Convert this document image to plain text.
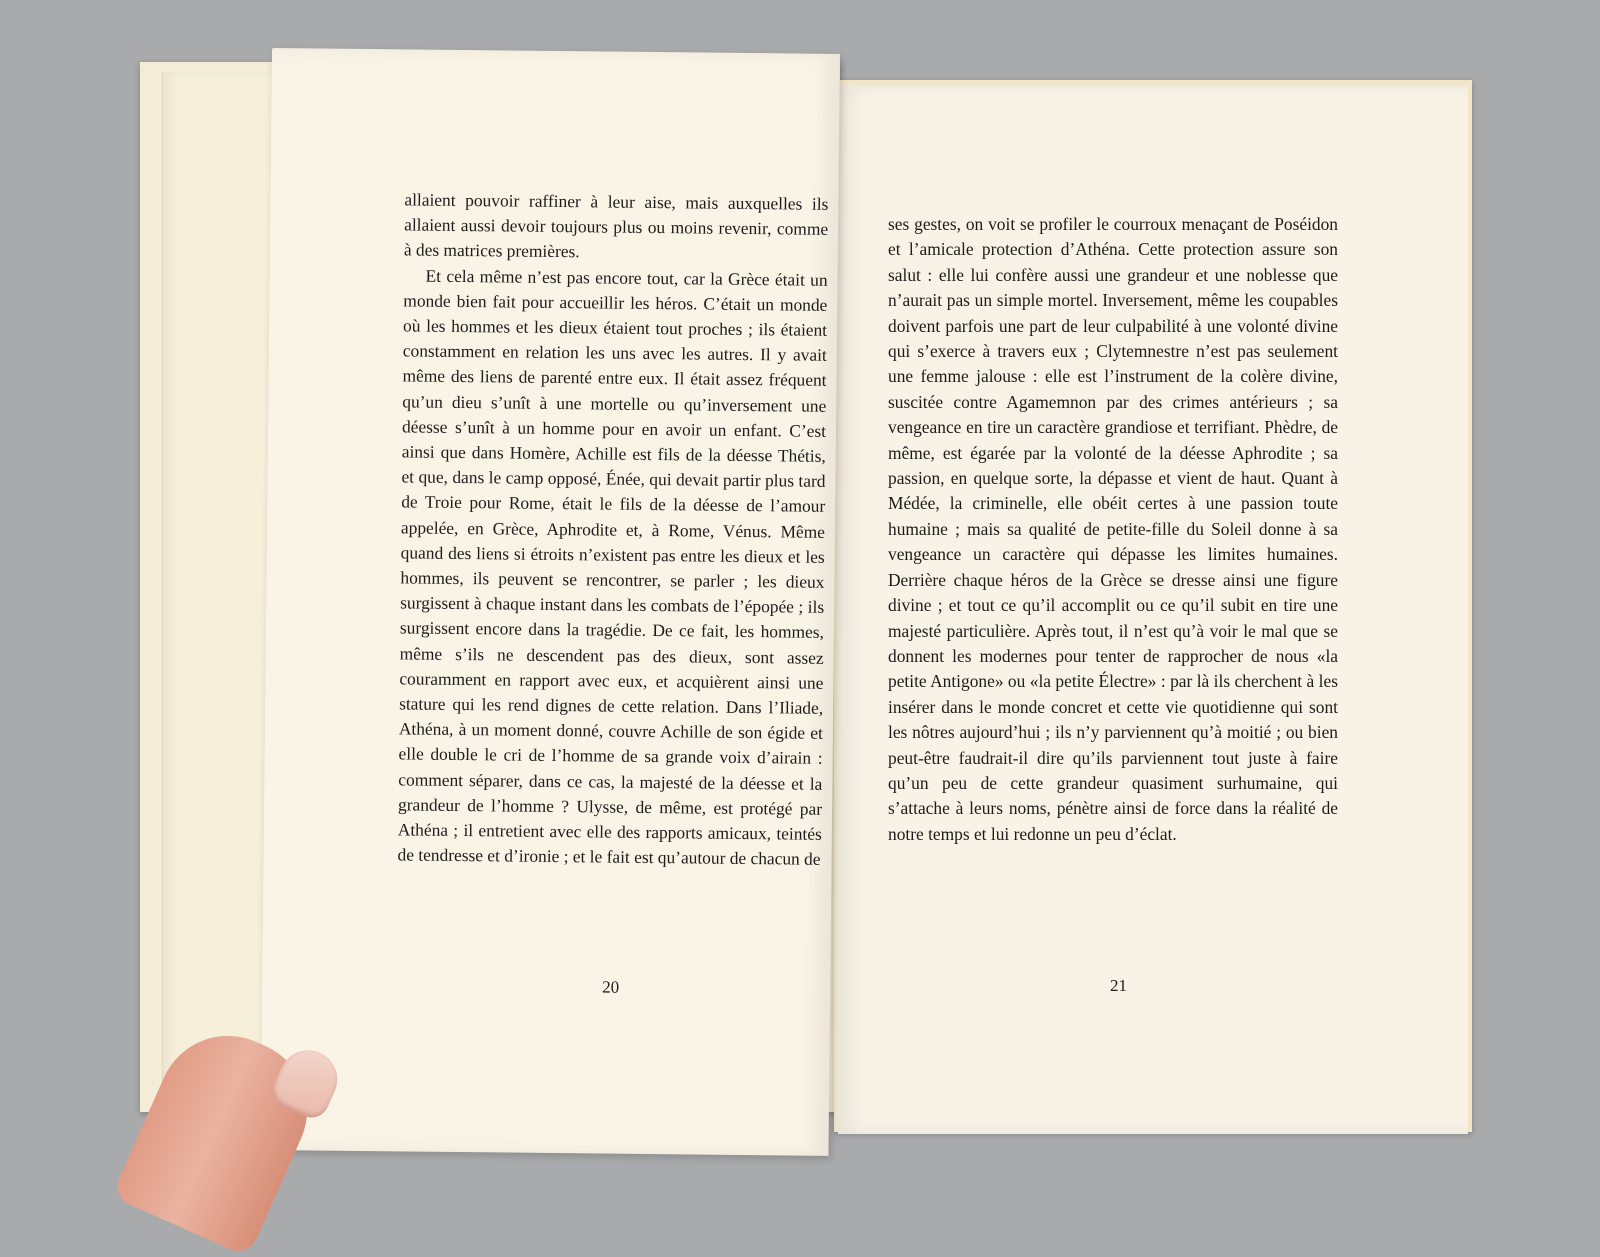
ses gestes, on voit se profiler le courroux menaçant de Poséidon et l’amicale protection d’Athéna. Cette protection assure son salut : elle lui confère aussi une grandeur et une noblesse que n’aurait pas un simple mortel. Inversement, même les coupables doivent parfois une part de leur culpabilité à une volonté divine qui s’exerce à travers eux ; Clytemnestre n’est pas seulement une femme jalouse : elle est l’instrument de la colère divine, suscitée contre Agamemnon par des crimes antérieurs ; sa vengeance en tire un caractère grandiose et terrifiant. Phèdre, de même, est égarée par la volonté de la déesse Aphrodite ; sa passion, en quelque sorte, la dépasse et vient de haut. Quant à Médée, la criminelle, elle obéit certes à une passion toute humaine ; mais sa qualité de petite-fille du Soleil donne à sa vengeance un caractère qui dépasse les limites humaines. Derrière chaque héros de la Grèce se dresse ainsi une figure divine ; et tout ce qu’il accomplit ou ce qu’il subit en tire une majesté particulière. Après tout, il n’est qu’à voir le mal que se donnent les modernes pour tenter de rapprocher de nous «la petite Antigone» ou «la petite Électre» : par là ils cherchent à les insérer dans le monde concret et cette vie quotidienne qui sont les nôtres aujourd’hui ; ils n’y parviennent qu’à moitié ; ou bien peut-être faudrait-il dire qu’ils parviennent tout juste à faire qu’un peu de cette grandeur quasiment surhumaine, qui s’attache à leurs noms, pénètre ainsi de force dans la réalité de notre temps et lui redonne un peu d’éclat.

21

allaient pouvoir raffiner à leur aise, mais auxquelles ils allaient aussi devoir toujours plus ou moins revenir, comme à des matrices premières.

Et cela même n’est pas encore tout, car la Grèce était un monde bien fait pour accueillir les héros. C’était un monde où les hommes et les dieux étaient tout proches ; ils étaient constamment en relation les uns avec les autres. Il y avait même des liens de parenté entre eux. Il était assez fréquent qu’un dieu s’unît à une mortelle ou qu’inversement une déesse s’unît à un homme pour en avoir un enfant. C’est ainsi que dans Homère, Achille est fils de la déesse Thétis, et que, dans le camp opposé, Énée, qui devait partir plus tard de Troie pour Rome, était le fils de la déesse de l’amour appelée, en Grèce, Aphrodite et, à Rome, Vénus. Même quand des liens si étroits n’existent pas entre les dieux et les hommes, ils peuvent se rencontrer, se parler ; les dieux surgissent à chaque instant dans les combats de l’épopée ; ils surgissent encore dans la tragédie. De ce fait, les hommes, même s’ils ne descendent pas des dieux, sont assez couramment en rapport avec eux, et acquièrent ainsi une stature qui les rend dignes de cette relation. Dans l’Iliade, Athéna, à un moment donné, couvre Achille de son égide et elle double le cri de l’homme de sa grande voix d’airain : comment séparer, dans ce cas, la majesté de la déesse et la grandeur de l’homme ? Ulysse, de même, est protégé par Athéna ; il entretient avec elle des rapports amicaux, teintés de tendresse et d’ironie ; et le fait est qu’autour de chacun de

20
